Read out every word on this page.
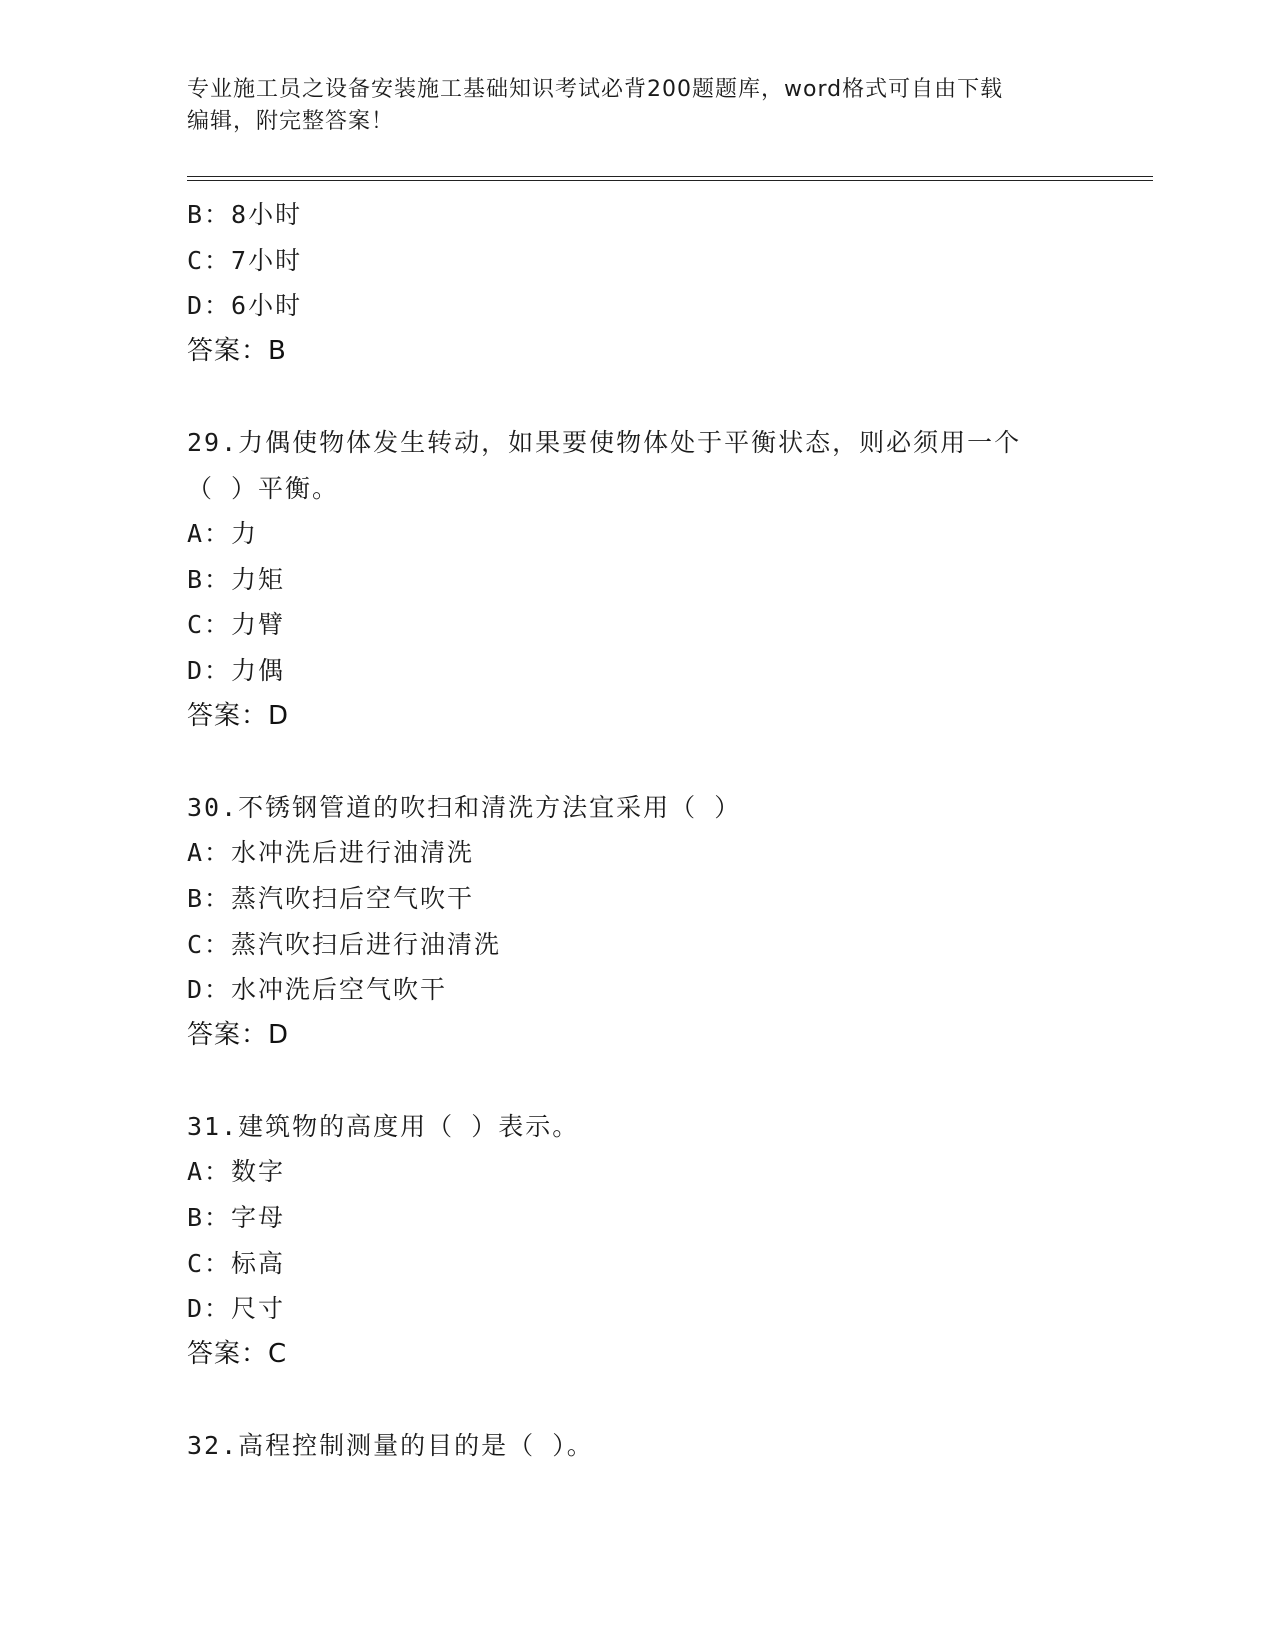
专业施工员之设备安装施工基础知识考试必背200题题库，word格式可自由下载
编辑，附完整答案！
B：8小时
C：7小时
D：6小时
答案：B
29.力偶使物体发生转动，如果要使物体处于平衡状态，则必须用一个
（ ）平衡。
A：力
B：力矩
C：力臂
D：力偶
答案：D
30.不锈钢管道的吹扫和清洗方法宜采用（ ）
A：水冲洗后进行油清洗
B：蒸汽吹扫后空气吹干
C：蒸汽吹扫后进行油清洗
D：水冲洗后空气吹干
答案：D
31.建筑物的高度用（ ）表示。
A：数字
B：字母
C：标高
D：尺寸
答案：C
32.高程控制测量的目的是（ ）。
